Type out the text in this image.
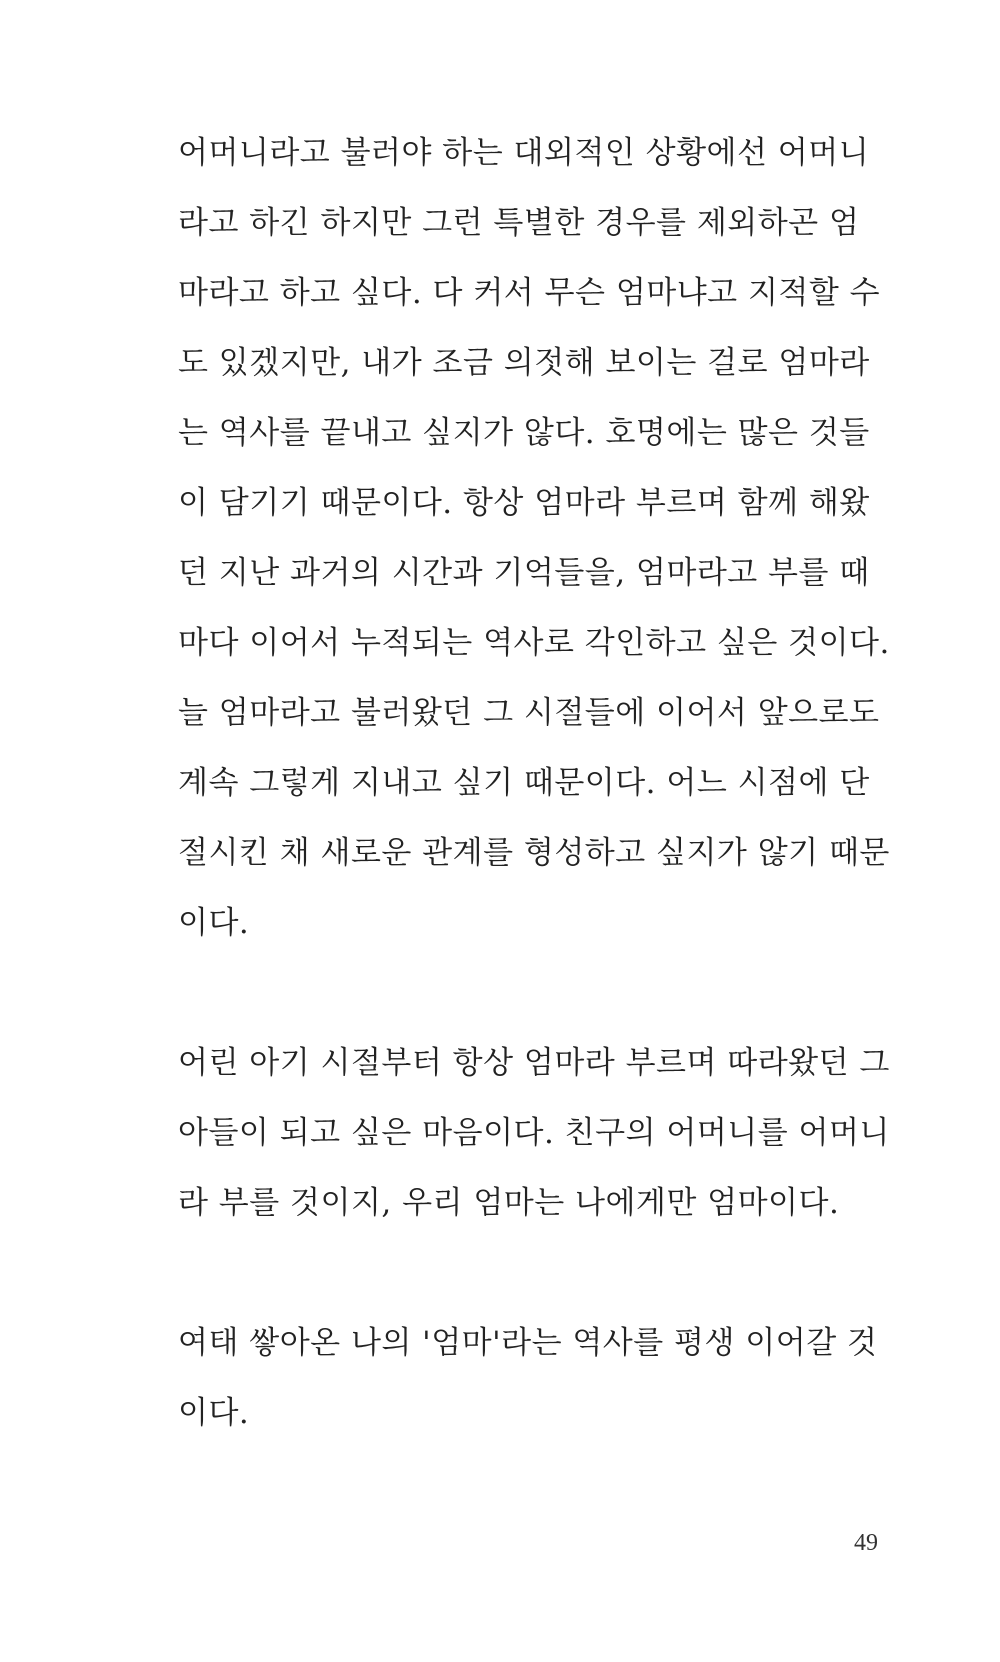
어머니라고 불러야 하는 대외적인 상황에선 어머니
라고 하긴 하지만 그런 특별한 경우를 제외하곤 엄
마라고 하고 싶다. 다 커서 무슨 엄마냐고 지적할 수
도 있겠지만, 내가 조금 의젓해 보이는 걸로 엄마라
는 역사를 끝내고 싶지가 않다. 호명에는 많은 것들
이 담기기 때문이다. 항상 엄마라 부르며 함께 해왔
던 지난 과거의 시간과 기억들을, 엄마라고 부를 때
마다 이어서 누적되는 역사로 각인하고 싶은 것이다.
늘 엄마라고 불러왔던 그 시절들에 이어서 앞으로도
계속 그렇게 지내고 싶기 때문이다. 어느 시점에 단
절시킨 채 새로운 관계를 형성하고 싶지가 않기 때문
이다.
어린 아기 시절부터 항상 엄마라 부르며 따라왔던 그
아들이 되고 싶은 마음이다. 친구의 어머니를 어머니
라 부를 것이지, 우리 엄마는 나에게만 엄마이다.
여태 쌓아온 나의 '엄마'라는 역사를 평생 이어갈 것
이다.
49
